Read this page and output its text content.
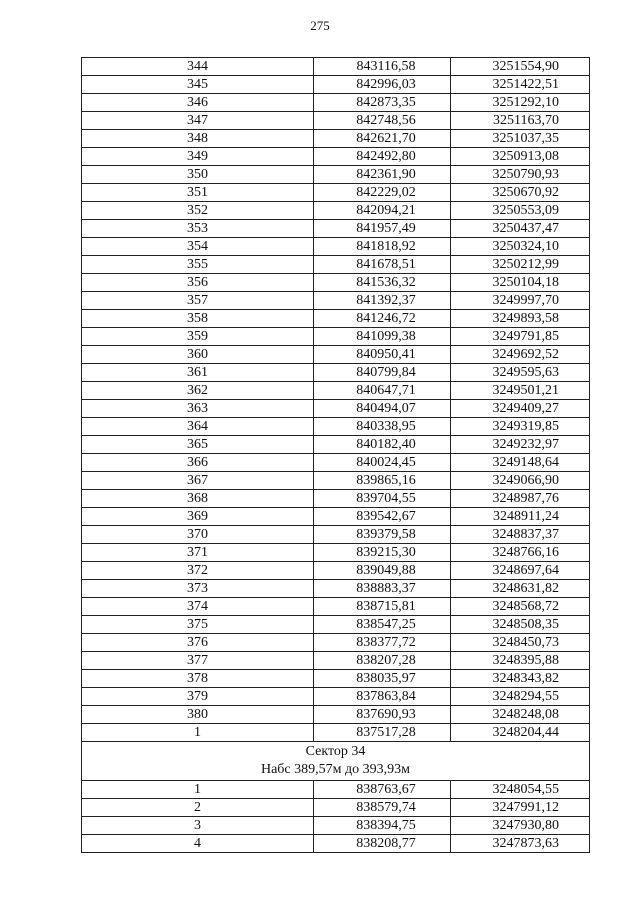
275
344	843116,58	3251554,90
345	842996,03	3251422,51
346	842873,35	3251292,10
347	842748,56	3251163,70
348	842621,70	3251037,35
349	842492,80	3250913,08
350	842361,90	3250790,93
351	842229,02	3250670,92
352	842094,21	3250553,09
353	841957,49	3250437,47
354	841818,92	3250324,10
355	841678,51	3250212,99
356	841536,32	3250104,18
357	841392,37	3249997,70
358	841246,72	3249893,58
359	841099,38	3249791,85
360	840950,41	3249692,52
361	840799,84	3249595,63
362	840647,71	3249501,21
363	840494,07	3249409,27
364	840338,95	3249319,85
365	840182,40	3249232,97
366	840024,45	3249148,64
367	839865,16	3249066,90
368	839704,55	3248987,76
369	839542,67	3248911,24
370	839379,58	3248837,37
371	839215,30	3248766,16
372	839049,88	3248697,64
373	838883,37	3248631,82
374	838715,81	3248568,72
375	838547,25	3248508,35
376	838377,72	3248450,73
377	838207,28	3248395,88
378	838035,97	3248343,82
379	837863,84	3248294,55
380	837690,93	3248248,08
1	837517,28	3248204,44

Сектор 34
Набс 389,57м до 393,93м		

1	838763,67	3248054,55
2	838579,74	3247991,12
3	838394,75	3247930,80
4	838208,77	3247873,63
